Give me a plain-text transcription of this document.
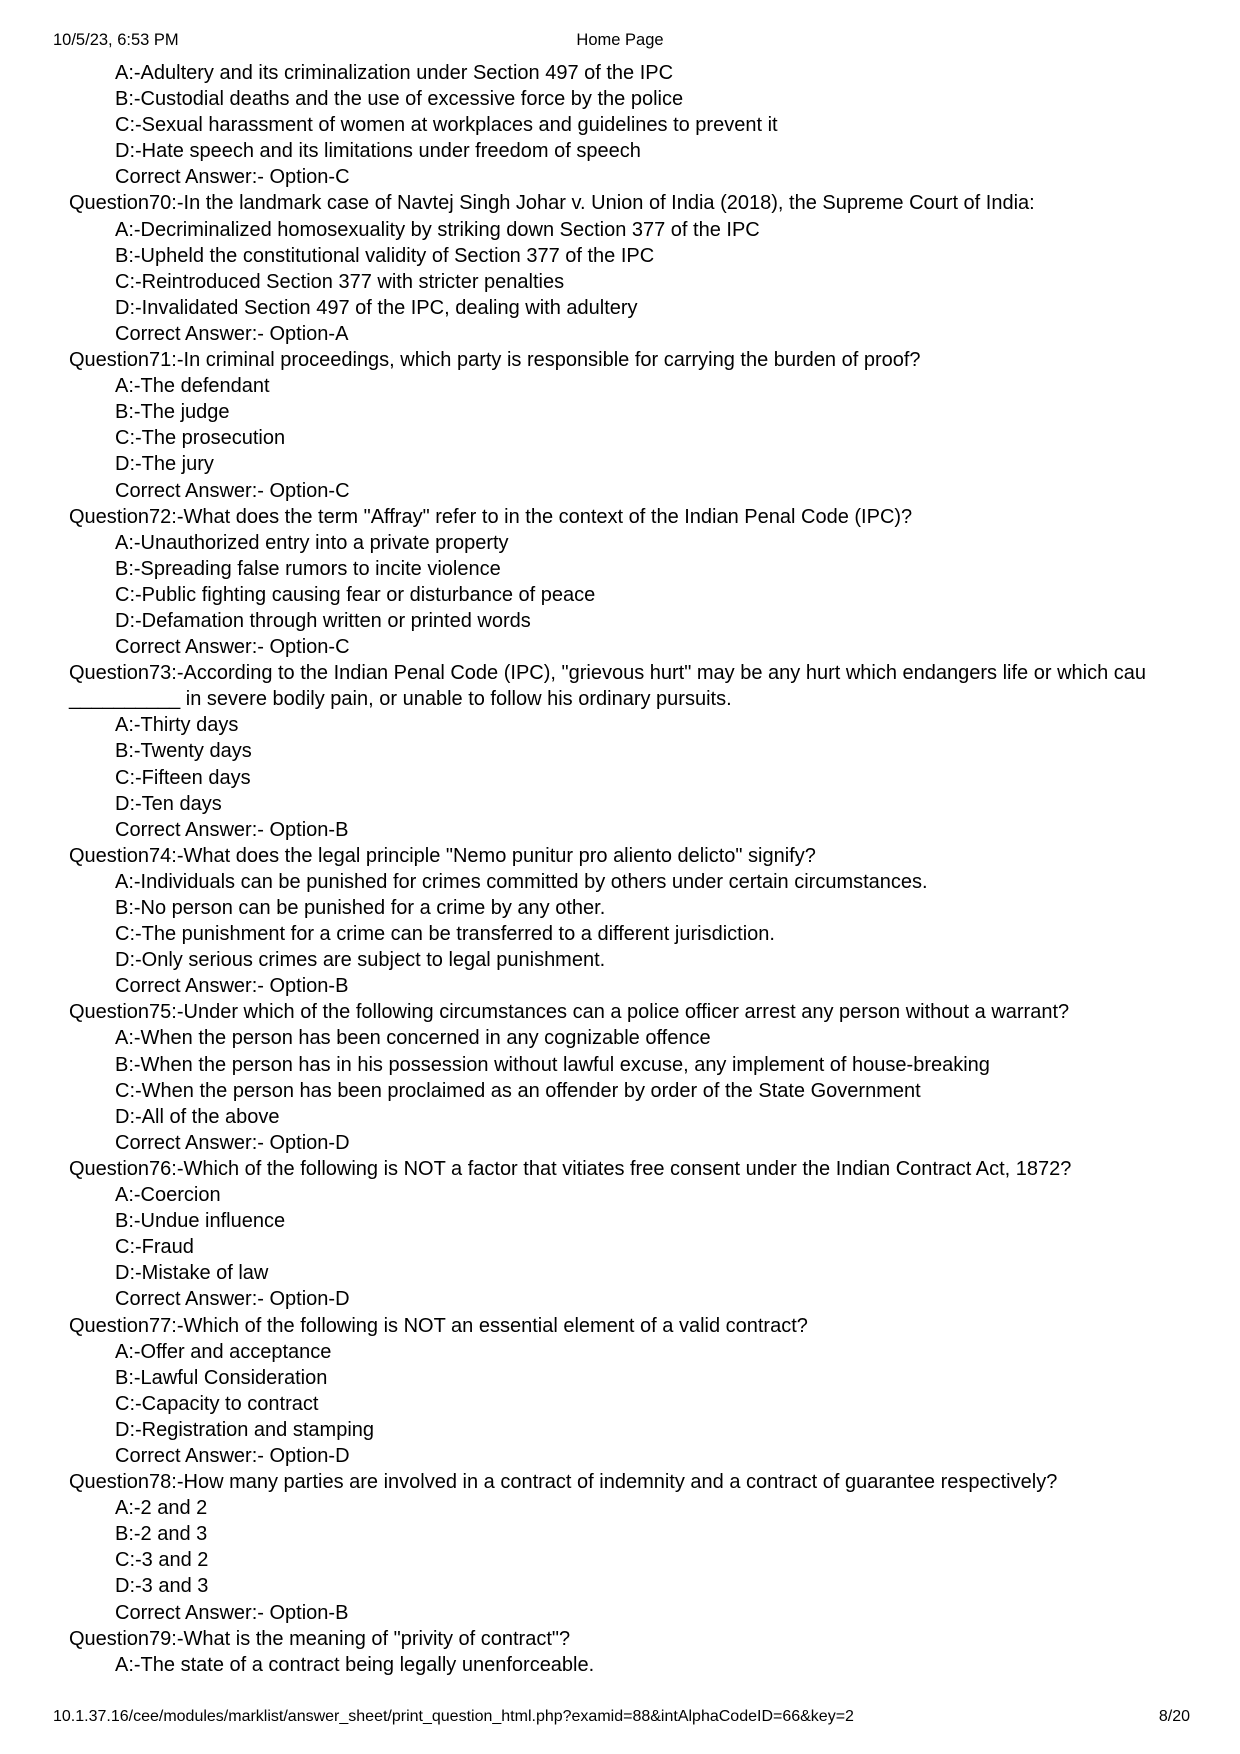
10/5/23, 6:53 PM	Home Page
A:-Adultery and its criminalization under Section 497 of the IPC
B:-Custodial deaths and the use of excessive force by the police
C:-Sexual harassment of women at workplaces and guidelines to prevent it
D:-Hate speech and its limitations under freedom of speech
Correct Answer:- Option-C
Question70:-In the landmark case of Navtej Singh Johar v. Union of India (2018), the Supreme Court of India:
A:-Decriminalized homosexuality by striking down Section 377 of the IPC
B:-Upheld the constitutional validity of Section 377 of the IPC
C:-Reintroduced Section 377 with stricter penalties
D:-Invalidated Section 497 of the IPC, dealing with adultery
Correct Answer:- Option-A
Question71:-In criminal proceedings, which party is responsible for carrying the burden of proof?
A:-The defendant
B:-The judge
C:-The prosecution
D:-The jury
Correct Answer:- Option-C
Question72:-What does the term "Affray" refer to in the context of the Indian Penal Code (IPC)?
A:-Unauthorized entry into a private property
B:-Spreading false rumors to incite violence
C:-Public fighting causing fear or disturbance of peace
D:-Defamation through written or printed words
Correct Answer:- Option-C
Question73:-According to the Indian Penal Code (IPC), "grievous hurt" may be any hurt which endangers life or which cau
__________ in severe bodily pain, or unable to follow his ordinary pursuits.
A:-Thirty days
B:-Twenty days
C:-Fifteen days
D:-Ten days
Correct Answer:- Option-B
Question74:-What does the legal principle "Nemo punitur pro aliento delicto" signify?
A:-Individuals can be punished for crimes committed by others under certain circumstances.
B:-No person can be punished for a crime by any other.
C:-The punishment for a crime can be transferred to a different jurisdiction.
D:-Only serious crimes are subject to legal punishment.
Correct Answer:- Option-B
Question75:-Under which of the following circumstances can a police officer arrest any person without a warrant?
A:-When the person has been concerned in any cognizable offence
B:-When the person has in his possession without lawful excuse, any implement of house-breaking
C:-When the person has been proclaimed as an offender by order of the State Government
D:-All of the above
Correct Answer:- Option-D
Question76:-Which of the following is NOT a factor that vitiates free consent under the Indian Contract Act, 1872?
A:-Coercion
B:-Undue influence
C:-Fraud
D:-Mistake of law
Correct Answer:- Option-D
Question77:-Which of the following is NOT an essential element of a valid contract?
A:-Offer and acceptance
B:-Lawful Consideration
C:-Capacity to contract
D:-Registration and stamping
Correct Answer:- Option-D
Question78:-How many parties are involved in a contract of indemnity and a contract of guarantee respectively?
A:-2 and 2
B:-2 and 3
C:-3 and 2
D:-3 and 3
Correct Answer:- Option-B
Question79:-What is the meaning of "privity of contract"?
A:-The state of a contract being legally unenforceable.
10.1.37.16/cee/modules/marklist/answer_sheet/print_question_html.php?examid=88&intAlphaCodeID=66&key=2	8/20
